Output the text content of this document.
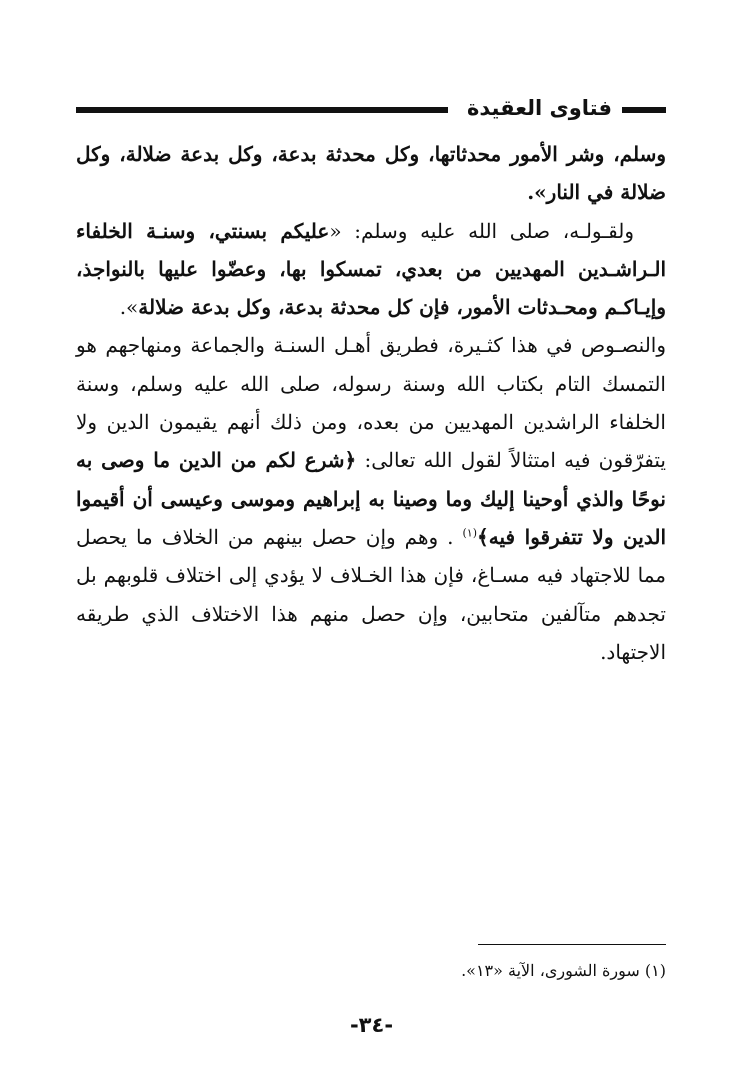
فتاوى العقيدة

وسلم، وشر الأمور محدثاتها، وكل محدثة بدعة، وكل بدعة ضلالة، وكل ضلالة في النار».

ولقـولـه، صلى الله عليه وسلم: «عليكم بسنتي، وسنـة الخلفاء الـراشـدين المهديين من بعدي، تمسكوا بها، وعضّوا عليها بالنواجذ، وإيـاكـم ومحـدثات الأمور، فإن كل محدثة بدعة، وكل بدعة ضلالة».

والنصـوص في هذا كثـيرة، فطريق أهـل السنـة والجماعة ومنهاجهم هو التمسك التام بكتاب الله وسنة رسوله، صلى الله عليه وسلم، وسنة الخلفاء الراشدين المهديين من بعده، ومن ذلك أنهم يقيمون الدين ولا يتفرّقون فيه امتثالاً لقول الله تعالى: ﴿شرع لكم من الدين ما وصى به نوحًا والذي أوحينا إليك وما وصينا به إبراهيم وموسى وعيسى أن أقيموا الدين ولا تتفرقوا فيه﴾$^{(١)}$ . وهم وإن حصل بينهم من الخلاف ما يحصل مما للاجتهاد فيه مسـاغ، فإن هذا الخـلاف لا يؤدي إلى اختلاف قلوبهم بل تجدهم متآلفين متحابين، وإن حصل منهم هذا الاختلاف الذي طريقه الاجتهاد.

(١) سورة الشورى، الآية «١٣».
-٣٤-
